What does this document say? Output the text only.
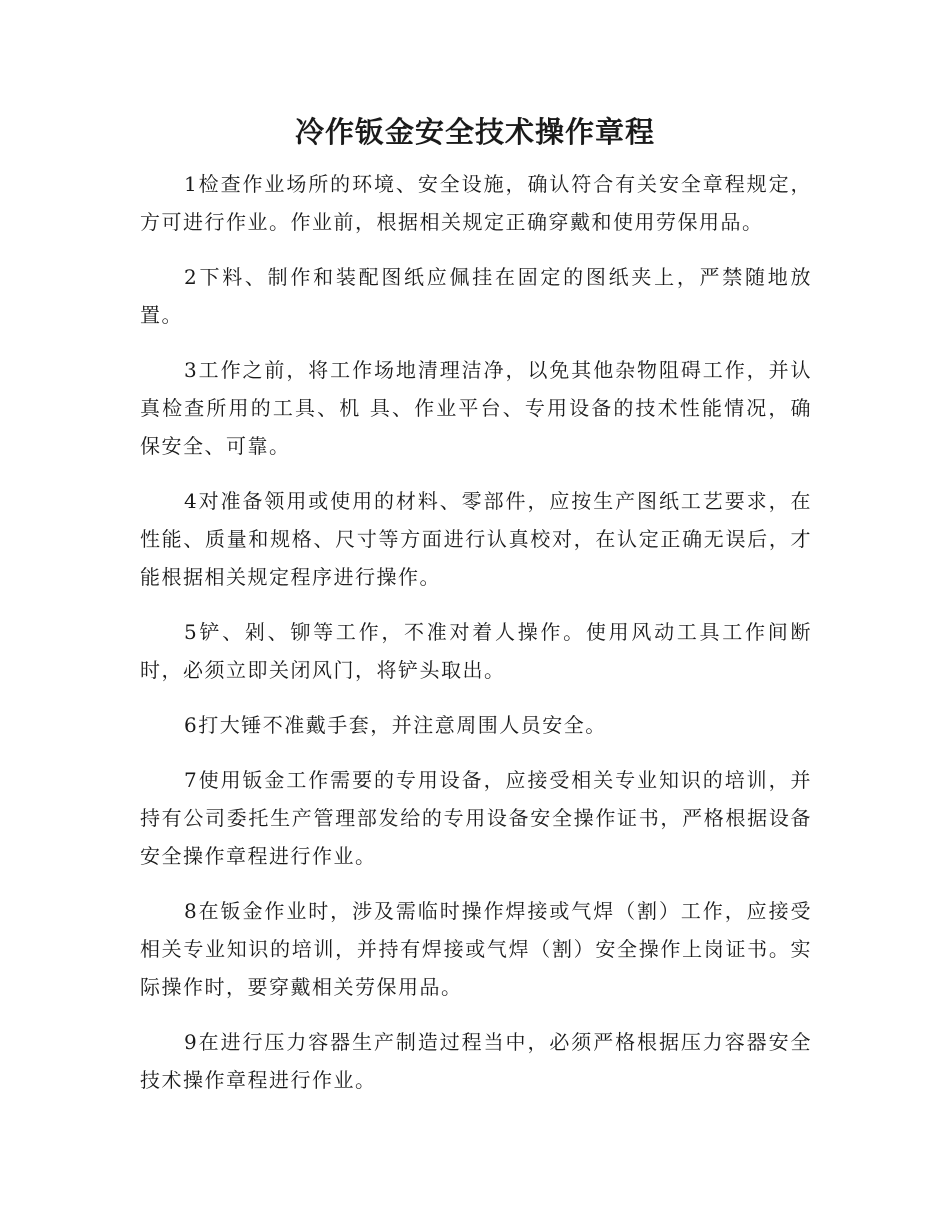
冷作钣金安全技术操作章程

1检查作业场所的环境、安全设施，确认符合有关安全章程规定，方可进行作业。作业前，根据相关规定正确穿戴和使用劳保用品。

2下料、制作和装配图纸应佩挂在固定的图纸夹上，严禁随地放置。

3工作之前，将工作场地清理洁净，以免其他杂物阻碍工作，并认真检查所用的工具、机 具、作业平台、专用设备的技术性能情况，确保安全、可靠。

4对准备领用或使用的材料、零部件，应按生产图纸工艺要求，在性能、质量和规格、尺寸等方面进行认真校对，在认定正确无误后，才能根据相关规定程序进行操作。

5铲、剁、铆等工作，不准对着人操作。使用风动工具工作间断时，必须立即关闭风门，将铲头取出。

6打大锤不准戴手套，并注意周围人员安全。

7使用钣金工作需要的专用设备，应接受相关专业知识的培训，并持有公司委托生产管理部发给的专用设备安全操作证书，严格根据设备安全操作章程进行作业。

8在钣金作业时，涉及需临时操作焊接或气焊（割）工作，应接受相关专业知识的培训，并持有焊接或气焊（割）安全操作上岗证书。实际操作时，要穿戴相关劳保用品。

9在进行压力容器生产制造过程当中，必须严格根据压力容器安全技术操作章程进行作业。
